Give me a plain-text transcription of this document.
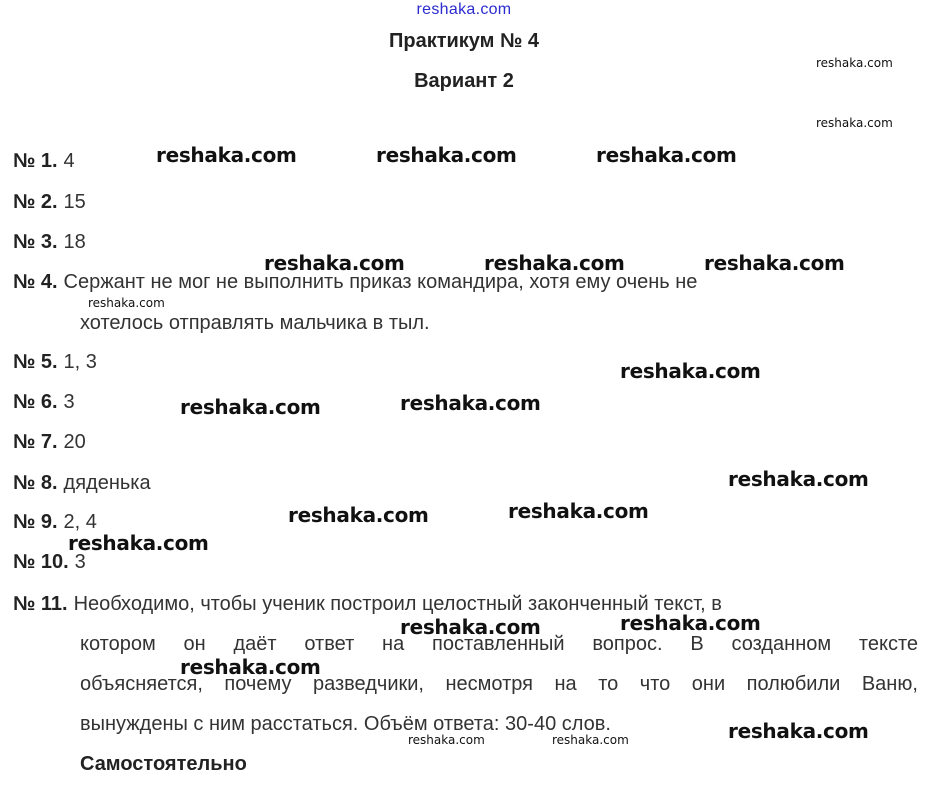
reshaka.com
Практикум № 4
Вариант 2
№ 1. 4
№ 2. 15
№ 3. 18
№ 4. Сержант не мог не выполнить приказ командира, хотя ему очень не
хотелось отправлять мальчика в тыл.
№ 5. 1, 3
№ 6. 3
№ 7. 20
№ 8. дяденька
№ 9. 2, 4
№ 10. 3
№ 11. Необходимо, чтобы ученик построил целостный законченный текст, в
котором он даёт ответ на поставленный вопрос. В созданном тексте
объясняется, почему разведчики, несмотря на то что они полюбили Ваню,
вынуждены с ним расстаться. Объём ответа: 30-40 слов.
Самостоятельно
reshaka.com
reshaka.com
reshaka.com	reshaka.com	reshaka.com
reshaka.com	reshaka.com	reshaka.com
reshaka.com
reshaka.com
reshaka.com	reshaka.com
reshaka.com
reshaka.com	reshaka.com
reshaka.com
reshaka.com
reshaka.com
reshaka.com
reshaka.com
reshaka.com	reshaka.com
